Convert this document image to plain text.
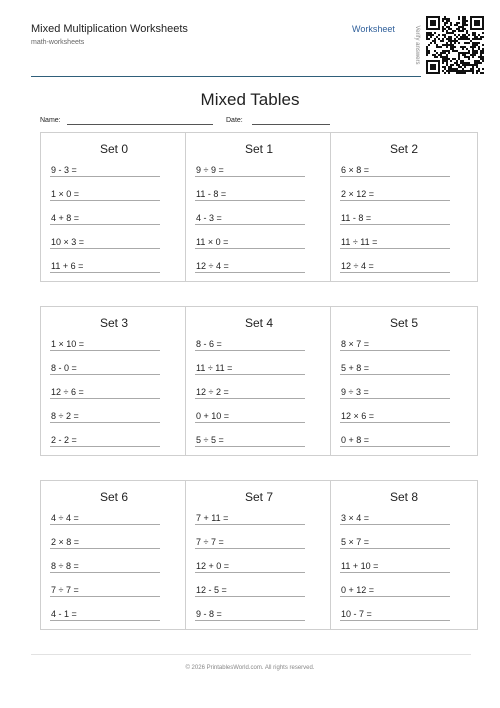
Mixed Multiplication Worksheets
math-worksheets
Worksheet	Verify answers
Mixed Tables
Name:	Date:
Set 0
9 - 3 =
1 × 0 =
4 + 8 =
10 × 3 =
11 + 6 =
Set 1
9 ÷ 9 =
11 - 8 =
4 - 3 =
11 × 0 =
12 ÷ 4 =
Set 2
6 × 8 =
2 × 12 =
11 - 8 =
11 ÷ 11 =
12 ÷ 4 =
Set 3
1 × 10 =
8 - 0 =
12 ÷ 6 =
8 ÷ 2 =
2 - 2 =
Set 4
8 - 6 =
11 ÷ 11 =
12 ÷ 2 =
0 + 10 =
5 ÷ 5 =
Set 5
8 × 7 =
5 + 8 =
9 ÷ 3 =
12 × 6 =
0 + 8 =
Set 6
4 ÷ 4 =
2 × 8 =
8 ÷ 8 =
7 ÷ 7 =
4 - 1 =
Set 7
7 + 11 =
7 ÷ 7 =
12 + 0 =
12 - 5 =
9 - 8 =
Set 8
3 × 4 =
5 × 7 =
11 + 10 =
0 + 12 =
10 - 7 =
© 2026 PrintablesWorld.com. All rights reserved.
